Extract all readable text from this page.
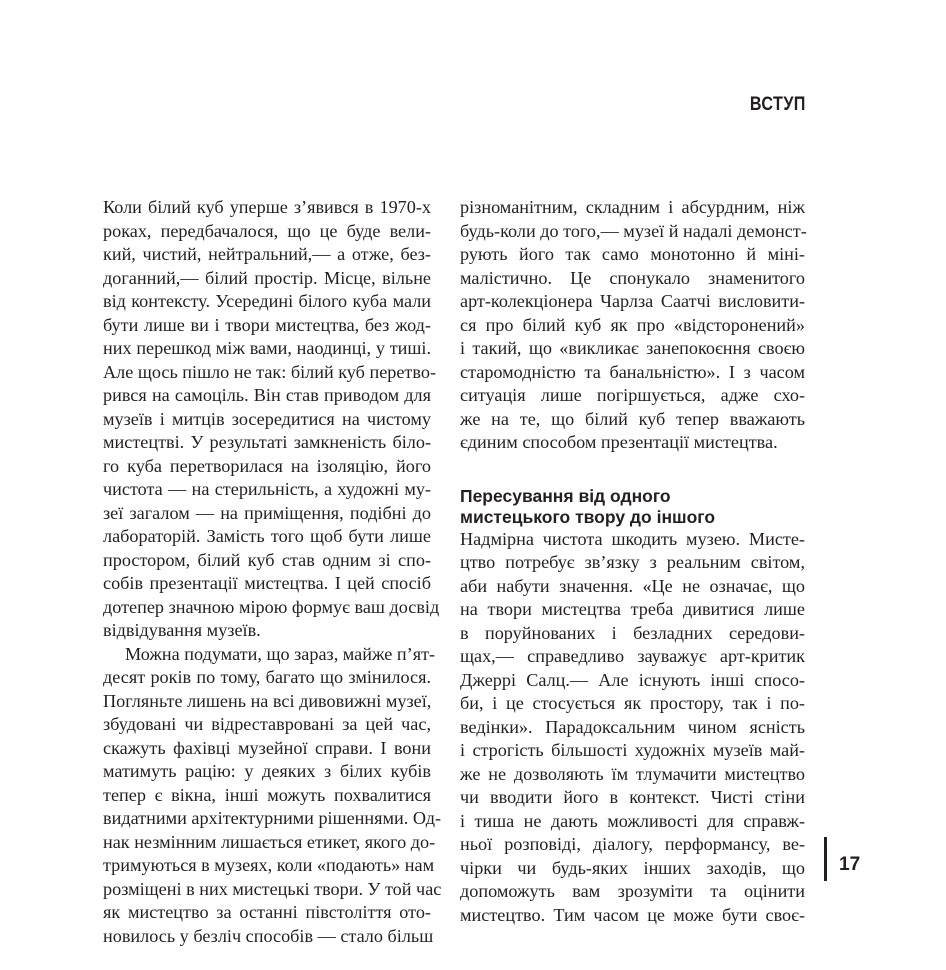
ВСТУП
Коли білий куб уперше з’явився в 1970-х
роках, передбачалося, що це буде вели-
кий, чистий, нейтральний,— а отже, без-
доганний,— білий простір. Місце, вільне
від контексту. Усередині білого куба мали
бути лише ви і твори мистецтва, без жод-
них перешкод між вами, наодинці, у тиші.
Але щось пішло не так: білий куб перетво-
рився на самоціль. Він став приводом для
музеїв і митців зосередитися на чистому
мистецтві. У результаті замкненість біло-
го куба перетворилася на ізоляцію, його
чистота — на стерильність, а художні му-
зеї загалом — на приміщення, подібні до
лабораторій. Замість того щоб бути лише
простором, білий куб став одним зі спо-
собів презентації мистецтва. І цей спосіб
дотепер значною мірою формує ваш досвід
відвідування музеїв.
Можна подумати, що зараз, майже п’ят-
десят років по тому, багато що змінилося.
Погляньте лишень на всі дивовижні музеї,
збудовані чи відреставровані за цей час,
скажуть фахівці музейної справи. І вони
матимуть рацію: у деяких з білих кубів
тепер є вікна, інші можуть похвалитися
видатними архітектурними рішеннями. Од-
нак незмінним лишається етикет, якого до-
тримуються в музеях, коли «подають» нам
розміщені в них мистецькі твори. У той час
як мистецтво за останні півстоліття ото-
новилось у безліч способів — стало більш
різноманітним, складним і абсурдним, ніж
будь-коли до того,— музеї й надалі демонст-
рують його так само монотонно й міні-
малістично. Це спонукало знаменитого
арт-колекціонера Чарлза Саатчі висловити-
ся про білий куб як про «відсторонений»
і такий, що «викликає занепокоєння своєю
старомодністю та банальністю». І з часом
ситуація лише погіршується, адже схо-
же на те, що білий куб тепер вважають
єдиним способом презентації мистецтва.
Пересування від одного
мистецького твору до іншого
Надмірна чистота шкодить музею. Мисте-
цтво потребує зв’язку з реальним світом,
аби набути значення. «Це не означає, що
на твори мистецтва треба дивитися лише
в поруйнованих і безладних середови-
щах,— справедливо зауважує арт-критик
Джеррі Салц.— Але існують інші спосо-
би, і це стосується як простору, так і по-
ведінки». Парадоксальним чином ясність
і строгість більшості художніх музеїв май-
же не дозволяють їм тлумачити мистецтво
чи вводити його в контекст. Чисті стіни
і тиша не дають можливості для справж-
ньої розповіді, діалогу, перформансу, ве-
чірки чи будь-яких інших заходів, що
допоможуть вам зрозуміти та оцінити
мистецтво. Тим часом це може бути своє-
17
